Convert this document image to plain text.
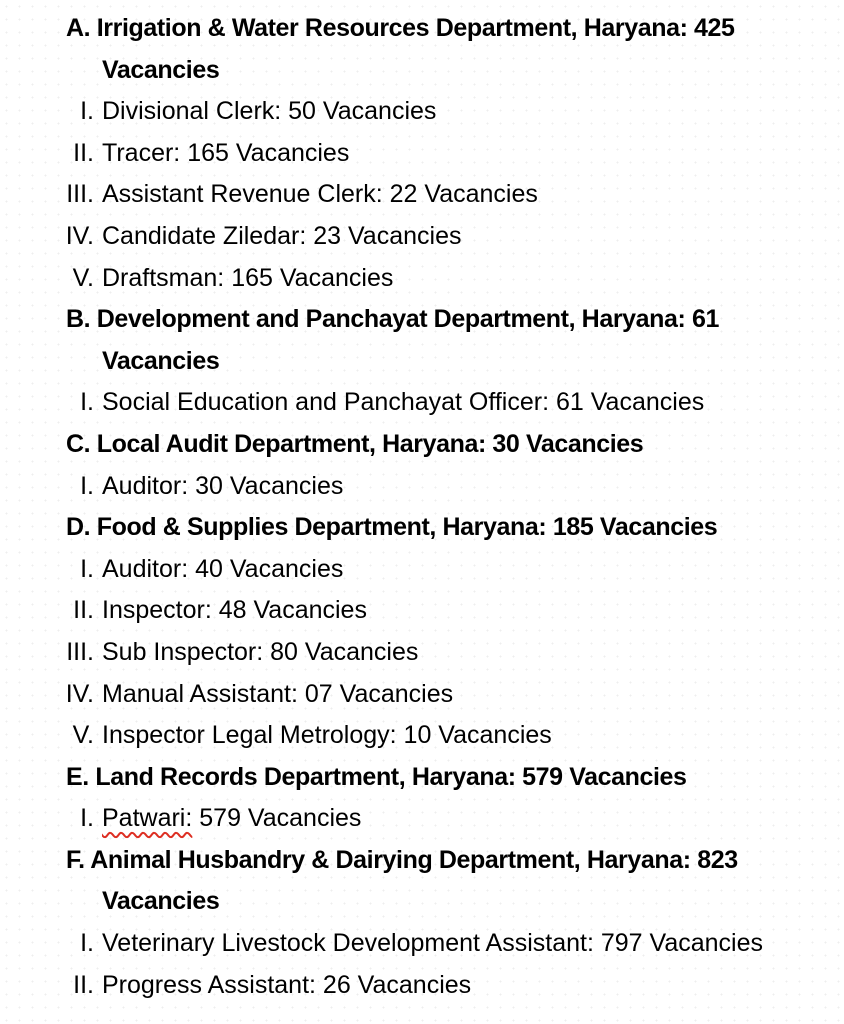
A. Irrigation & Water Resources Department, Haryana: 425
Vacancies
I. Divisional Clerk: 50 Vacancies
II. Tracer: 165 Vacancies
III. Assistant Revenue Clerk: 22 Vacancies
IV. Candidate Ziledar: 23 Vacancies
V. Draftsman: 165 Vacancies
B. Development and Panchayat Department, Haryana: 61
Vacancies
I. Social Education and Panchayat Officer: 61 Vacancies
C. Local Audit Department, Haryana: 30 Vacancies
I. Auditor: 30 Vacancies
D. Food & Supplies Department, Haryana: 185 Vacancies
I. Auditor: 40 Vacancies
II. Inspector: 48 Vacancies
III. Sub Inspector: 80 Vacancies
IV. Manual Assistant: 07 Vacancies
V. Inspector Legal Metrology: 10 Vacancies
E. Land Records Department, Haryana: 579 Vacancies
I. Patwari: 579 Vacancies
F. Animal Husbandry & Dairying Department, Haryana: 823
Vacancies
I. Veterinary Livestock Development Assistant: 797 Vacancies
II. Progress Assistant: 26 Vacancies
